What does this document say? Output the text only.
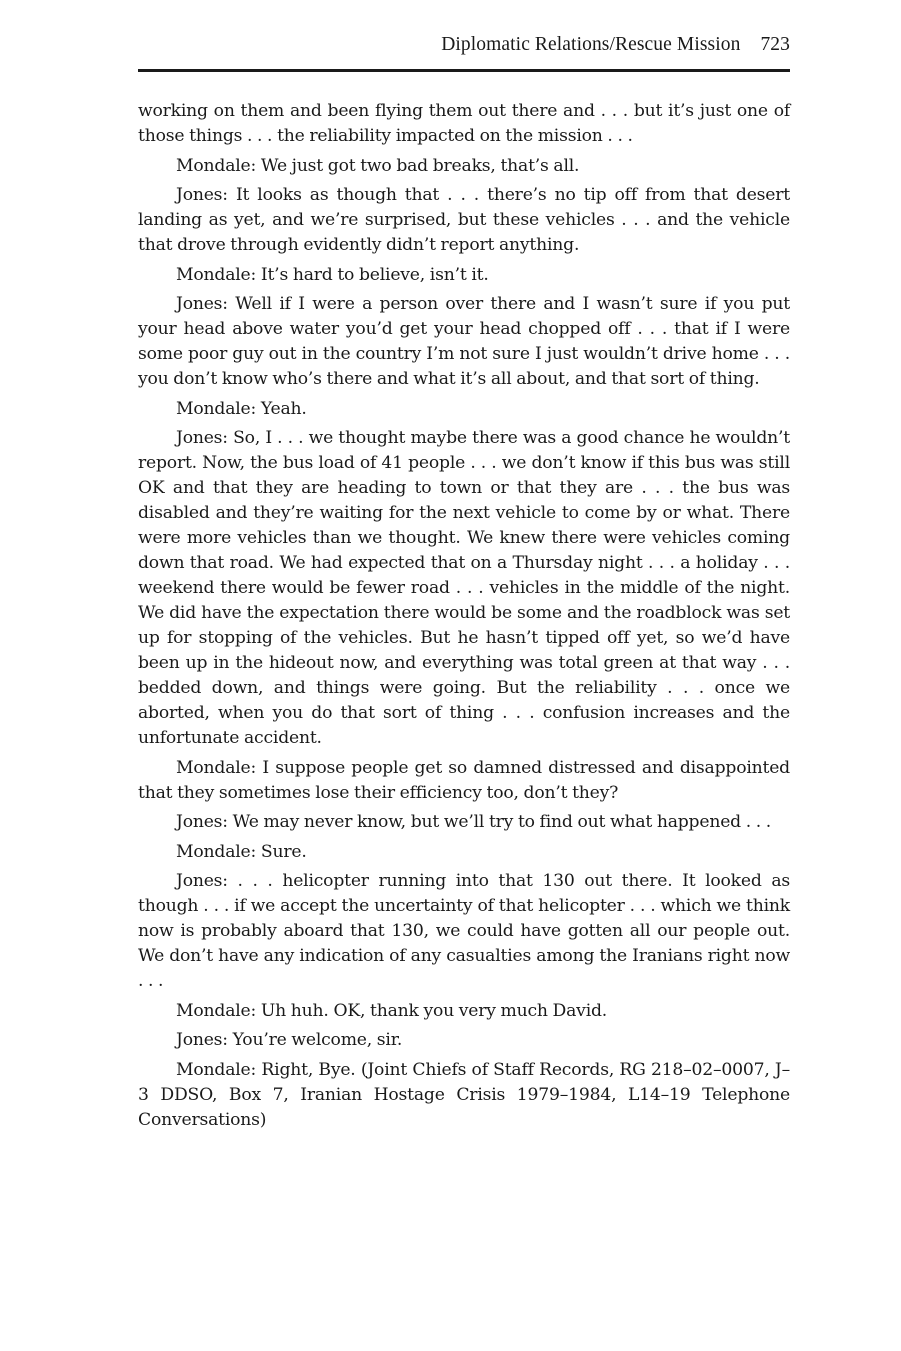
Diplomatic Relations/Rescue Mission 723

working on them and been flying them out there and . . . but it’s just one of those things . . . the reliability impacted on the mission . . .

Mondale: We just got two bad breaks, that’s all.

Jones: It looks as though that . . . there’s no tip off from that desert landing as yet, and we’re surprised, but these vehicles . . . and the vehicle that drove through evidently didn’t report anything.

Mondale: It’s hard to believe, isn’t it.

Jones: Well if I were a person over there and I wasn’t sure if you put your head above water you’d get your head chopped off . . . that if I were some poor guy out in the country I’m not sure I just wouldn’t drive home . . . you don’t know who’s there and what it’s all about, and that sort of thing.

Mondale: Yeah.

Jones: So, I . . . we thought maybe there was a good chance he wouldn’t report. Now, the bus load of 41 people . . . we don’t know if this bus was still OK and that they are heading to town or that they are . . . the bus was disabled and they’re waiting for the next vehicle to come by or what. There were more vehicles than we thought. We knew there were vehicles coming down that road. We had expected that on a Thursday night . . . a holiday . . . weekend there would be fewer road . . . vehicles in the middle of the night. We did have the expectation there would be some and the roadblock was set up for stopping of the vehicles. But he hasn’t tipped off yet, so we’d have been up in the hideout now, and everything was total green at that way . . . bedded down, and things were going. But the reliability . . . once we aborted, when you do that sort of thing . . . confusion increases and the unfortunate accident.

Mondale: I suppose people get so damned distressed and disappointed that they sometimes lose their efficiency too, don’t they?

Jones: We may never know, but we’ll try to find out what happened . . .

Mondale: Sure.

Jones: . . . helicopter running into that 130 out there. It looked as though . . . if we accept the uncertainty of that helicopter . . . which we think now is probably aboard that 130, we could have gotten all our people out. We don’t have any indication of any casualties among the Iranians right now . . .

Mondale: Uh huh. OK, thank you very much David.

Jones: You’re welcome, sir.

Mondale: Right, Bye. (Joint Chiefs of Staff Records, RG 218–02–0007, J–3 DDSO, Box 7, Iranian Hostage Crisis 1979–1984, L14–19 Telephone Conversations)
